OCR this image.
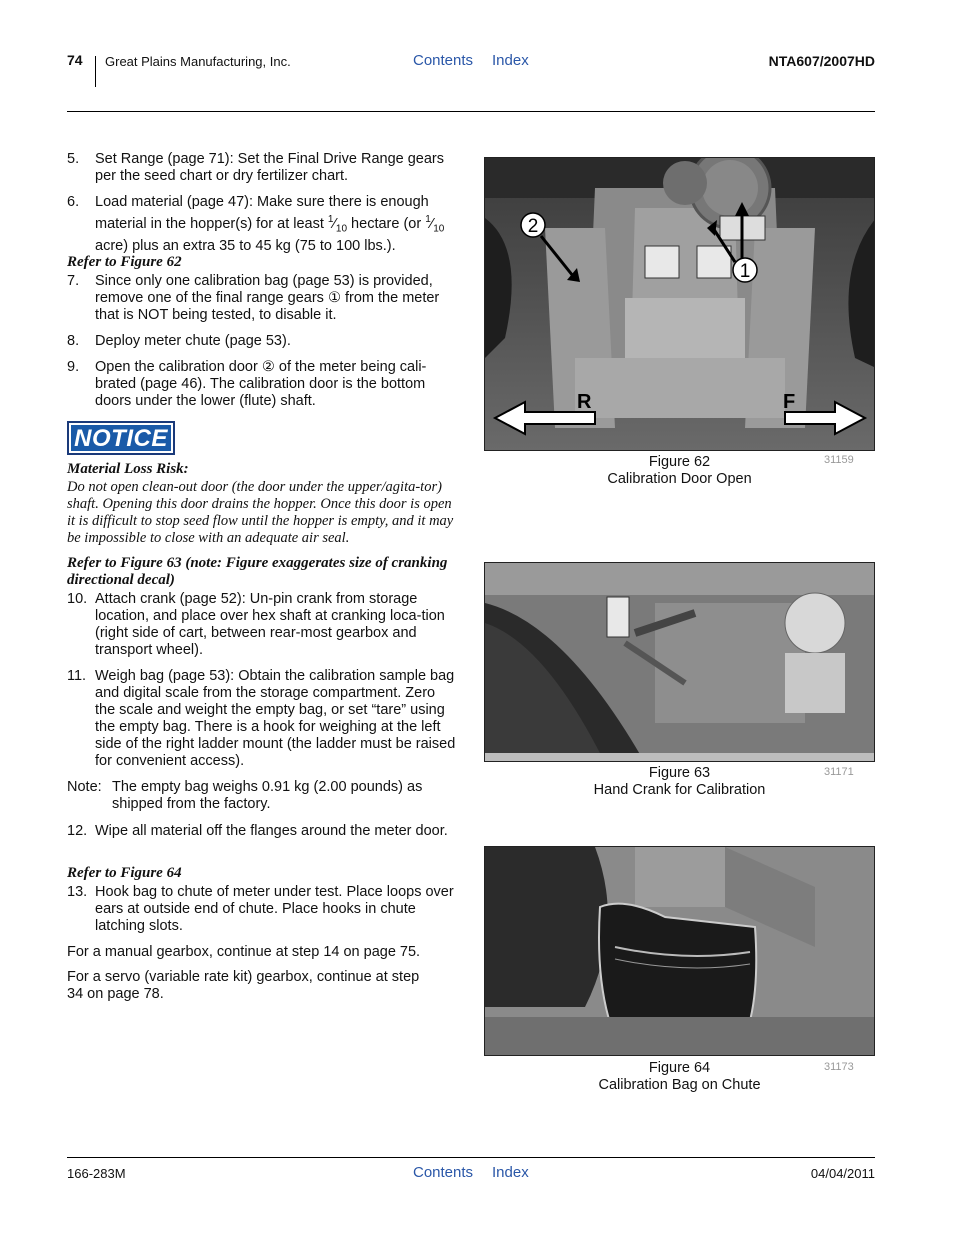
74 Great Plains Manufacturing, Inc.	Contents Index	NTA607/2007HD
5. Set Range (page 71): Set the Final Drive Range gears per the seed chart or dry fertilizer chart.
6. Load material (page 47): Make sure there is enough material in the hopper(s) for at least $^1⁄_{10}$ hectare (or $^1⁄_{10}$ acre) plus an extra 35 to 45 kg (75 to 100 lbs.).
Refer to Figure 62
7. Since only one calibration bag (page 53) is provided, remove one of the final range gears ① from the meter that is NOT being tested, to disable it.
8. Deploy meter chute (page 53).
9. Open the calibration door ② of the meter being cali-brated (page 46). The calibration door is the bottom doors under the lower (flute) shaft.
NOTICE
Material Loss Risk:
Do not open clean-out door (the door under the upper/agita-tor) shaft. Opening this door drains the hopper. Once this door is open it is difficult to stop seed flow until the hopper is empty, and it may be impossible to close with an adequate air seal.
Refer to Figure 63 (note: Figure exaggerates size of cranking directional decal)
10. Attach crank (page 52): Un-pin crank from storage location, and place over hex shaft at cranking loca-tion (right side of cart, between rear-most gearbox and transport wheel).
11. Weigh bag (page 53): Obtain the calibration sample bag and digital scale from the storage compartment. Zero the scale and weight the empty bag, or set “tare” using the empty bag. There is a hook for weighing at the left side of the right ladder mount (the ladder must be raised for convenient access).
Note: The empty bag weighs 0.91 kg (2.00 pounds) as shipped from the factory.
12. Wipe all material off the flanges around the meter door.
Refer to Figure 64
13. Hook bag to chute of meter under test. Place loops over ears at outside end of chute. Place hooks in chute latching slots.
For a manual gearbox, continue at step 14 on page 75.
For a servo (variable rate kit) gearbox, continue at step 34 on page 78.
2
1
R	F
Figure 62
Calibration Door Open
31159
Figure 63
Hand Crank for Calibration
31171
Figure 64
Calibration Bag on Chute
31173
166-283M	Contents Index	04/04/2011
